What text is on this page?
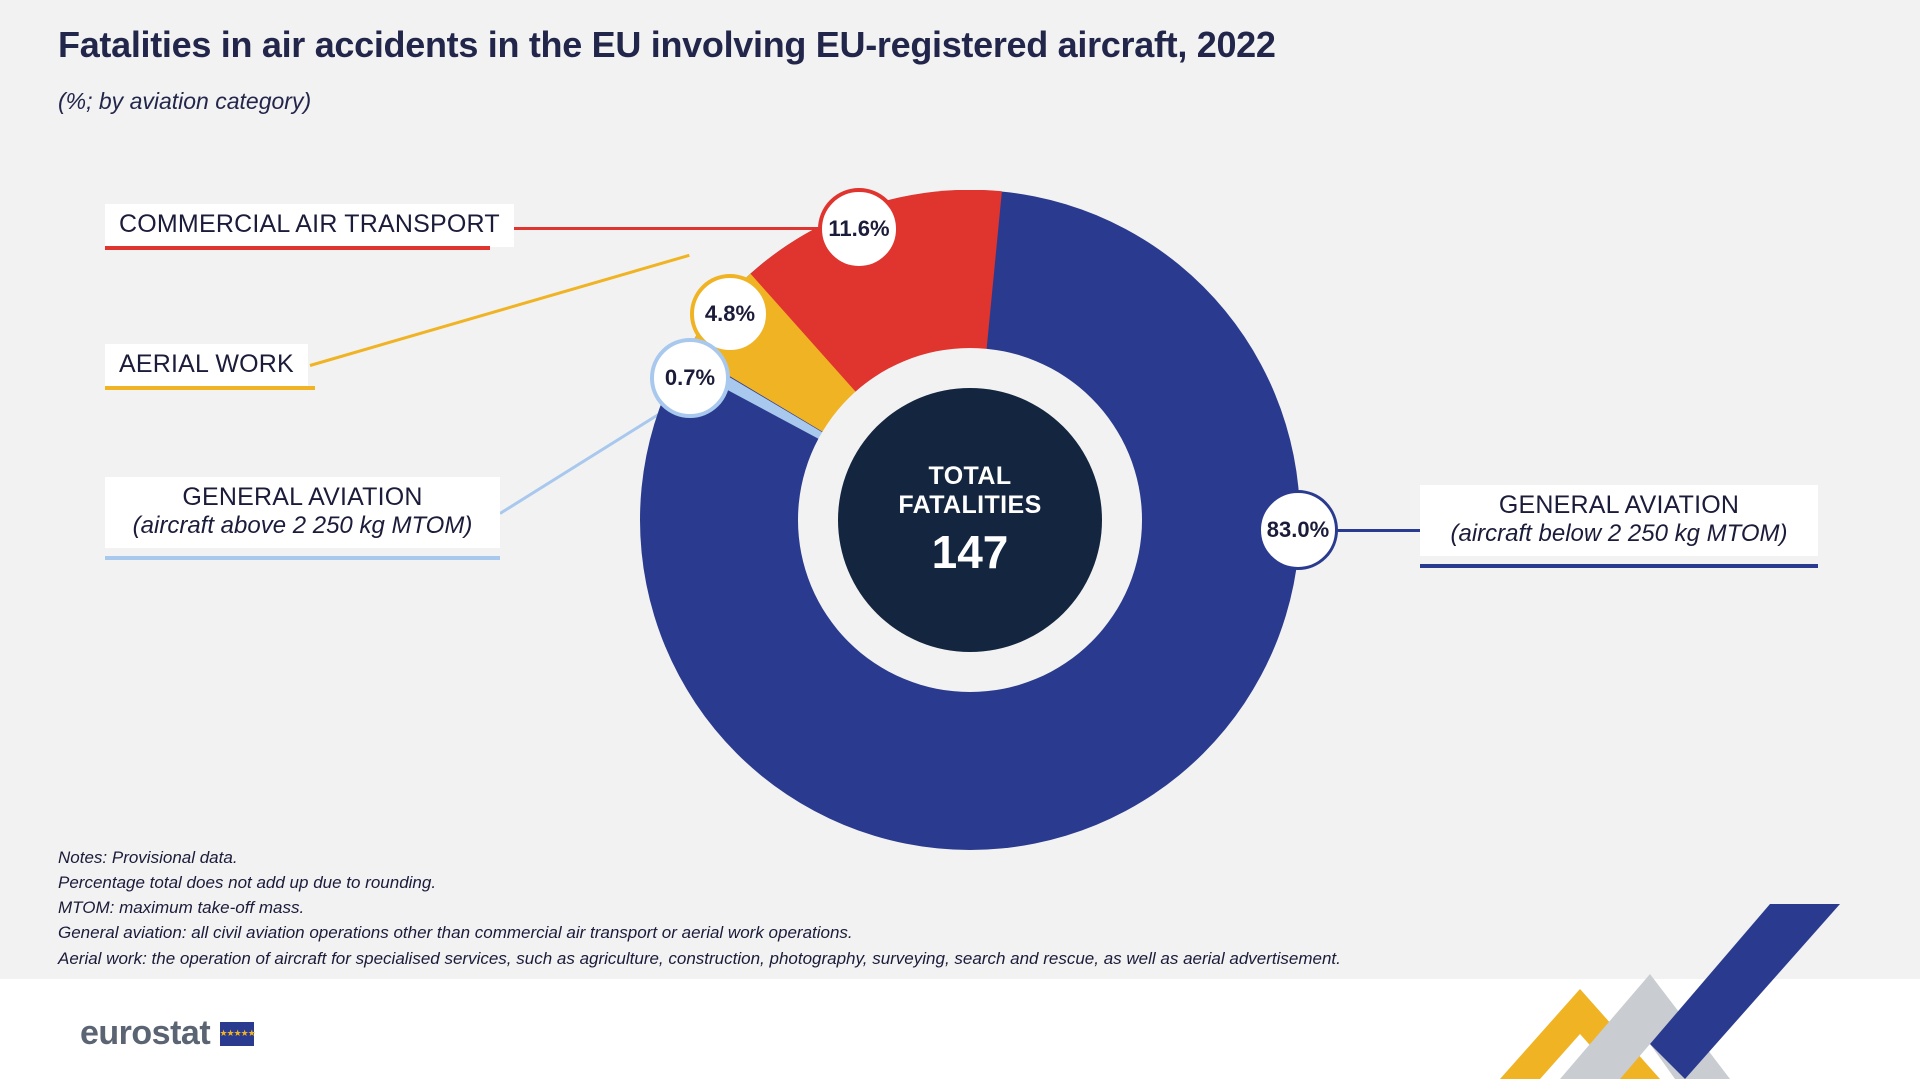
Fatalities in air accidents in the EU involving EU-registered aircraft, 2022
(%; by aviation category)
TOTAL
FATALITIES
147
11.6%
4.8%
0.7%
83.0%
COMMERCIAL AIR TRANSPORT
AERIAL WORK
GENERAL AVIATION
(aircraft above 2 250 kg MTOM)
GENERAL AVIATION
(aircraft below 2 250 kg MTOM)
Notes: Provisional data.
Percentage total does not add up due to rounding.
MTOM: maximum take-off mass.
General aviation: all civil aviation operations other than commercial air transport or aerial work operations.
Aerial work: the operation of aircraft for specialised services, such as agriculture, construction, photography, surveying, search and rescue, as well as aerial advertisement.
eurostat ★★★★★
